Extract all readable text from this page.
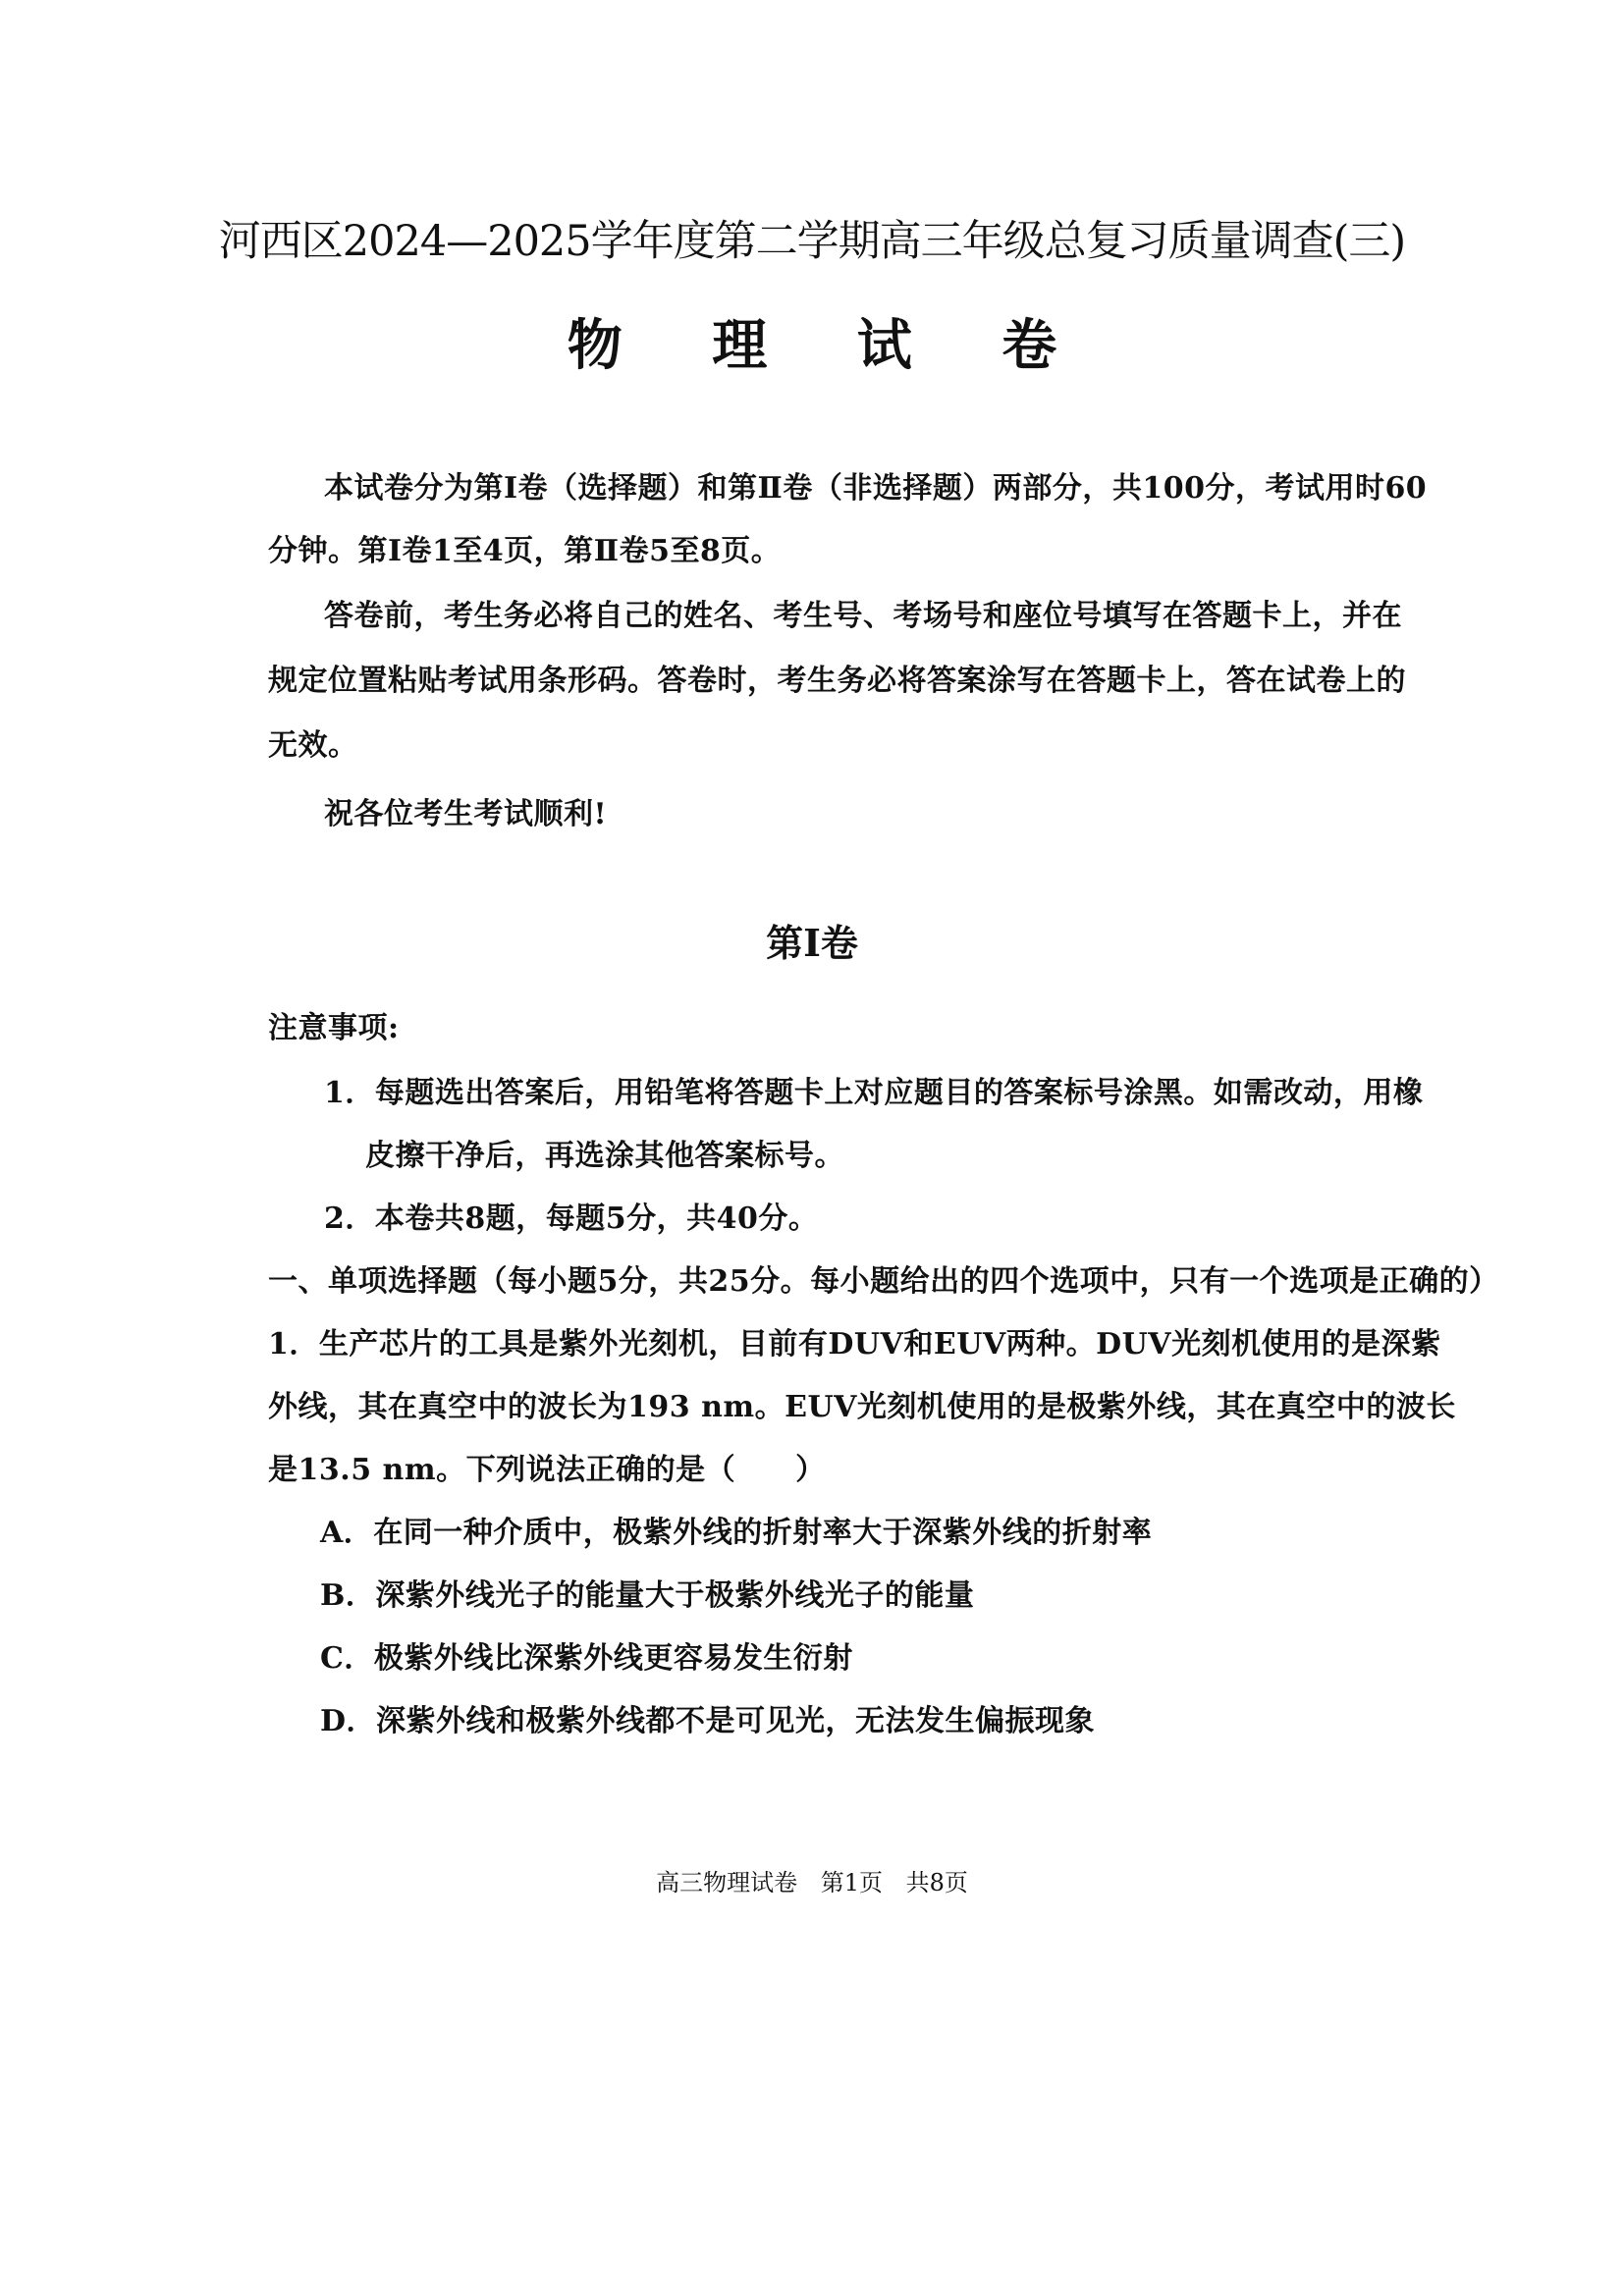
河西区2024—2025学年度第二学期高三年级总复习质量调查(三)
物 理 试 卷
本试卷分为第Ⅰ卷（选择题）和第Ⅱ卷（非选择题）两部分，共100分，考试用时60
分钟。第Ⅰ卷1至4页，第Ⅱ卷5至8页。
答卷前，考生务必将自己的姓名、考生号、考场号和座位号填写在答题卡上，并在
规定位置粘贴考试用条形码。答卷时，考生务必将答案涂写在答题卡上，答在试卷上的
无效。
祝各位考生考试顺利!
第Ⅰ卷
注意事项:
1．每题选出答案后，用铅笔将答题卡上对应题目的答案标号涂黑。如需改动，用橡
皮擦干净后，再选涂其他答案标号。
2．本卷共8题，每题5分，共40分。
一、单项选择题（每小题5分，共25分。每小题给出的四个选项中，只有一个选项是正确的）
1．生产芯片的工具是紫外光刻机，目前有DUV和EUV两种。DUV光刻机使用的是深紫
外线，其在真空中的波长为193 nm。EUV光刻机使用的是极紫外线，其在真空中的波长
是13.5 nm。下列说法正确的是（　　）
A．在同一种介质中，极紫外线的折射率大于深紫外线的折射率
B．深紫外线光子的能量大于极紫外线光子的能量
C．极紫外线比深紫外线更容易发生衍射
D．深紫外线和极紫外线都不是可见光，无法发生偏振现象
高三物理试卷 第1页 共8页
